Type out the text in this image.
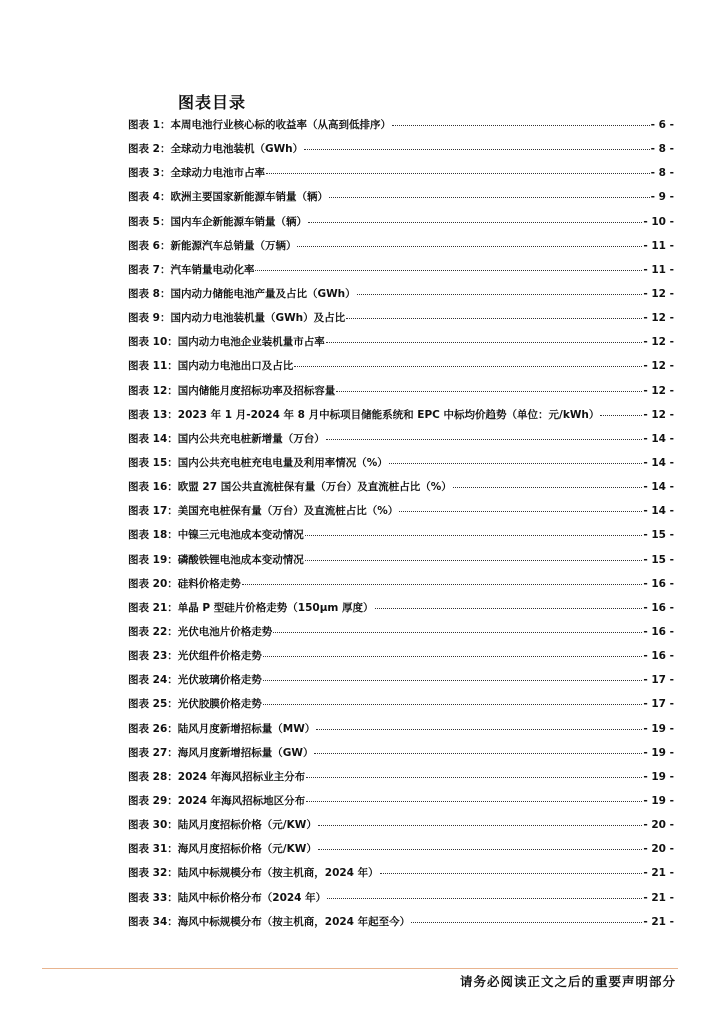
图表目录
图表 1：本周电池行业核心标的收益率（从高到低排序）	- 6 -
图表 2：全球动力电池装机（GWh）	- 8 -
图表 3：全球动力电池市占率	- 8 -
图表 4：欧洲主要国家新能源车销量（辆）	- 9 -
图表 5：国内车企新能源车销量（辆）	- 10 -
图表 6：新能源汽车总销量（万辆）	- 11 -
图表 7：汽车销量电动化率	- 11 -
图表 8：国内动力储能电池产量及占比（GWh）	- 12 -
图表 9：国内动力电池装机量（GWh）及占比	- 12 -
图表 10：国内动力电池企业装机量市占率	- 12 -
图表 11：国内动力电池出口及占比	- 12 -
图表 12：国内储能月度招标功率及招标容量	- 12 -
图表 13：2023 年 1 月-2024 年 8 月中标项目储能系统和 EPC 中标均价趋势（单位：元/kWh）	- 12 -
图表 14：国内公共充电桩新增量（万台）	- 14 -
图表 15：国内公共充电桩充电电量及利用率情况（%）	- 14 -
图表 16：欧盟 27 国公共直流桩保有量（万台）及直流桩占比（%）	- 14 -
图表 17：美国充电桩保有量（万台）及直流桩占比（%）	- 14 -
图表 18：中镍三元电池成本变动情况	- 15 -
图表 19：磷酸铁锂电池成本变动情况	- 15 -
图表 20：硅料价格走势	- 16 -
图表 21：单晶 P 型硅片价格走势（150μm 厚度）	- 16 -
图表 22：光伏电池片价格走势	- 16 -
图表 23：光伏组件价格走势	- 16 -
图表 24：光伏玻璃价格走势	- 17 -
图表 25：光伏胶膜价格走势	- 17 -
图表 26：陆风月度新增招标量（MW）	- 19 -
图表 27：海风月度新增招标量（GW）	- 19 -
图表 28：2024 年海风招标业主分布	- 19 -
图表 29：2024 年海风招标地区分布	- 19 -
图表 30：陆风月度招标价格（元/KW）	- 20 -
图表 31：海风月度招标价格（元/KW）	- 20 -
图表 32：陆风中标规模分布（按主机商，2024 年）	- 21 -
图表 33：陆风中标价格分布（2024 年）	- 21 -
图表 34：海风中标规模分布（按主机商，2024 年起至今）	- 21 -
请务必阅读正文之后的重要声明部分
